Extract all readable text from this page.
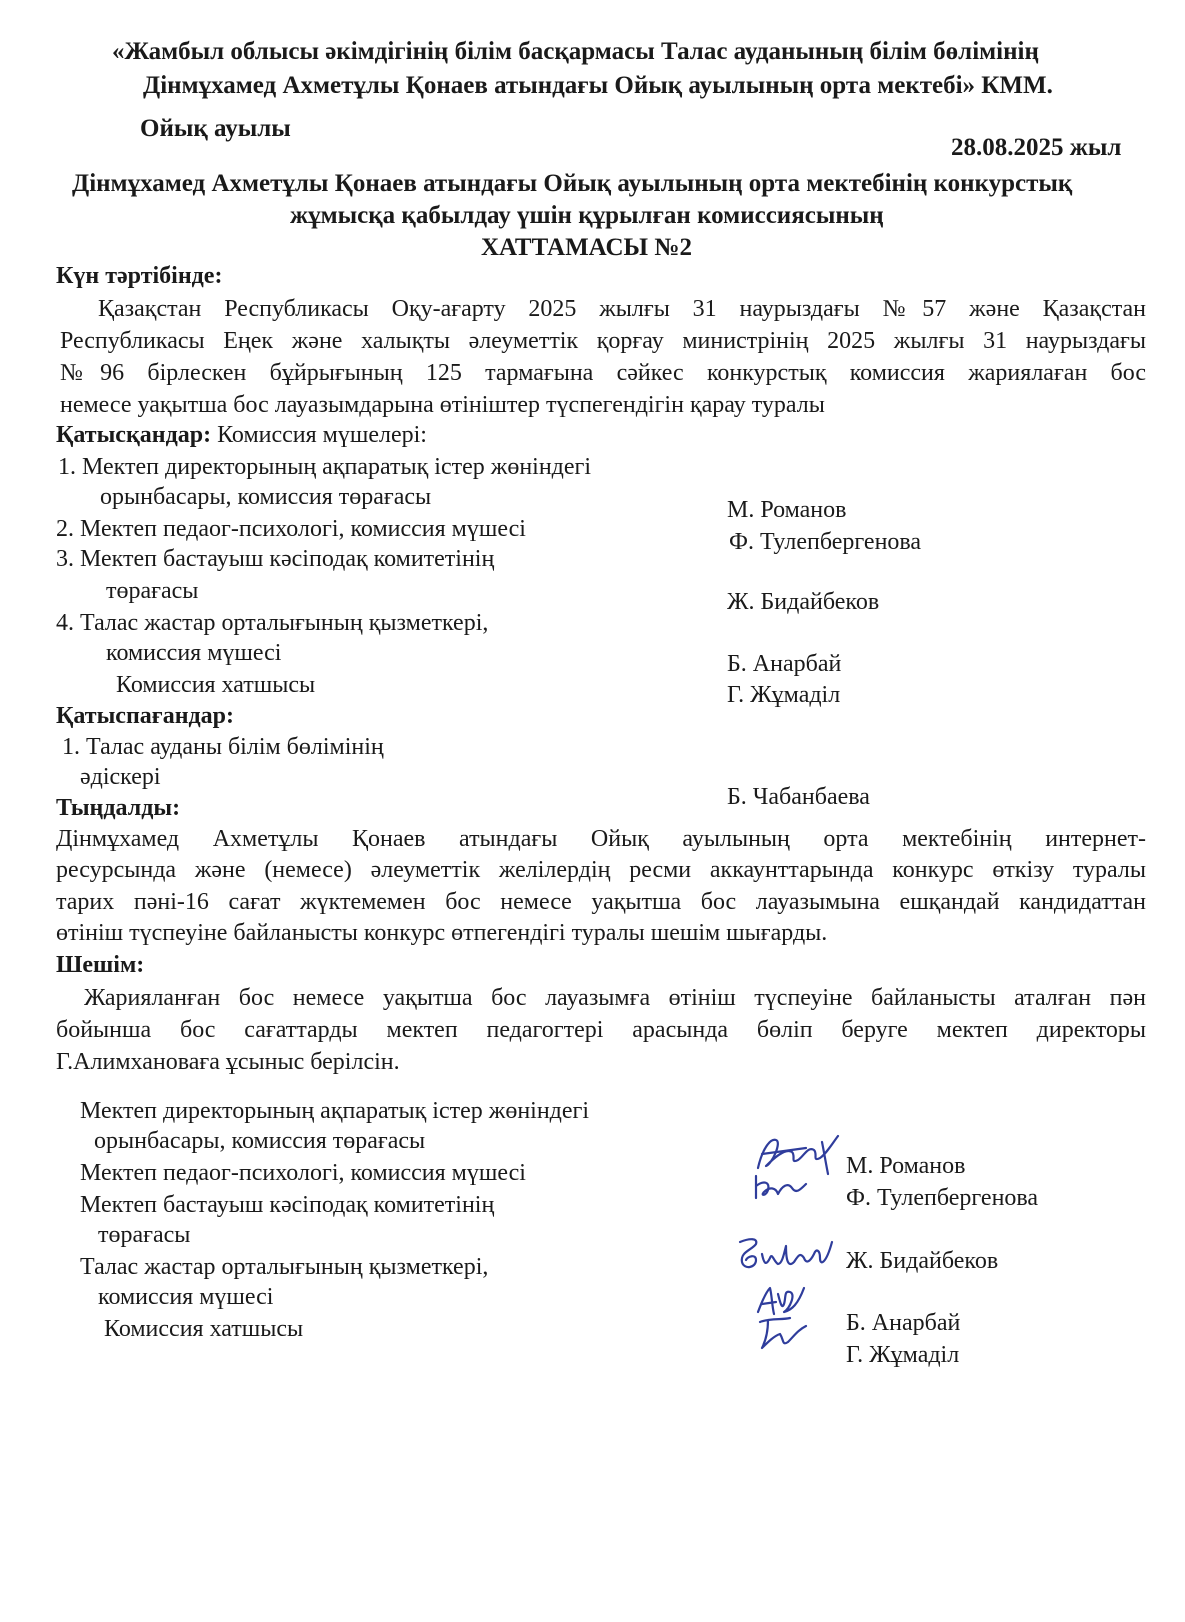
«Жамбыл облысы әкімдігінің білім басқармасы Талас ауданының білім бөлімінің
Дінмұхамед Ахметұлы Қонаев атындағы Ойық ауылының орта мектебі» КММ.
Ойық ауылы
28.08.2025 жыл
Дінмұхамед Ахметұлы Қонаев атындағы Ойық ауылының орта мектебінің конкурстық
жұмысқа қабылдау үшін құрылған комиссиясының
ХАТТАМАСЫ №2
Күн тәртібінде:
Қазақстан Республикасы Оқу-ағарту 2025 жылғы 31 наурыздағы №57 және Қазақстан
Республикасы Еңек және халықты әлеуметтік қорғау министрінің 2025 жылғы 31 наурыздағы
№96 бірлескен бұйрығының 125 тармағына сәйкес конкурстық комиссия жариялаған бос
немесе уақытша бос лауазымдарына өтініштер түспегендігін қарау туралы
Қатысқандар: Комиссия мүшелері:
1. Мектеп директорының ақпаратық істер жөніндегі
орынбасары, комиссия төрағасы
2. Мектеп педаог-психологі, комиссия мүшесі
3. Мектеп бастауыш кәсіподақ комитетінің
төрағасы
4. Талас жастар орталығының қызметкері,
комиссия мүшесі
Комиссия хатшысы
М. Романов
Ф. Тулепбергенова
Ж. Бидайбеков
Б. Анарбай
Г. Жұмаділ
Қатыспағандар:
1. Талас ауданы білім бөлімінің
әдіскері
Б. Чабанбаева
Тыңдалды:
Дінмұхамед Ахметұлы Қонаев атындағы Ойық ауылының орта мектебінің интернет-
ресурсында және (немесе) әлеуметтік желілердің ресми аккаунттарында конкурс өткізу туралы
тарих пәні-16 сағат жүктемемен бос немесе уақытша бос лауазымына ешқандай кандидаттан
өтініш түспеуіне байланысты конкурс өтпегендігі туралы шешім шығарды.
Шешім:
Жарияланған бос немесе уақытша бос лауазымға өтініш түспеуіне байланысты аталған пән
бойынша бос сағаттарды мектеп педагогтері арасында бөліп беруге мектеп директоры
Г.Алимхановаға ұсыныс берілсін.
Мектеп директорының ақпаратық істер жөніндегі
орынбасары, комиссия төрағасы
Мектеп педаог-психологі, комиссия мүшесі
Мектеп бастауыш кәсіподақ комитетінің
төрағасы
Талас жастар орталығының қызметкері,
комиссия мүшесі
Комиссия хатшысы
М. Романов
Ф. Тулепбергенова
Ж. Бидайбеков
Б. Анарбай
Г. Жұмаділ
